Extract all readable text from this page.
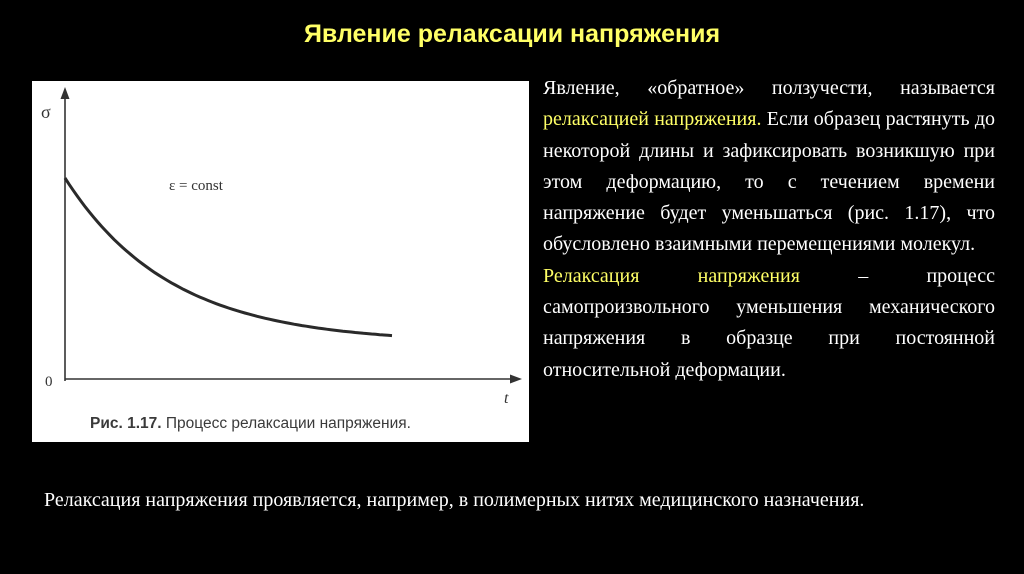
Явление релаксации напряжения
σ
0
t
ε = const
Рис. 1.17. Процесс релаксации напряжения.

Явление, «обратное» ползучести, называется релаксацией напряжения. Если образец растянуть до некоторой длины и зафиксировать возникшую при этом деформацию, то с течением времени напряжение будет уменьшаться (рис. 1.17), что обусловлено взаимными перемещениями молекул.

Релаксация напряжения – процесс самопроизвольного уменьшения механического напряжения в образце при постоянной относительной деформации.

Релаксация напряжения проявляется, например, в полимерных нитях медицинского назначения.
